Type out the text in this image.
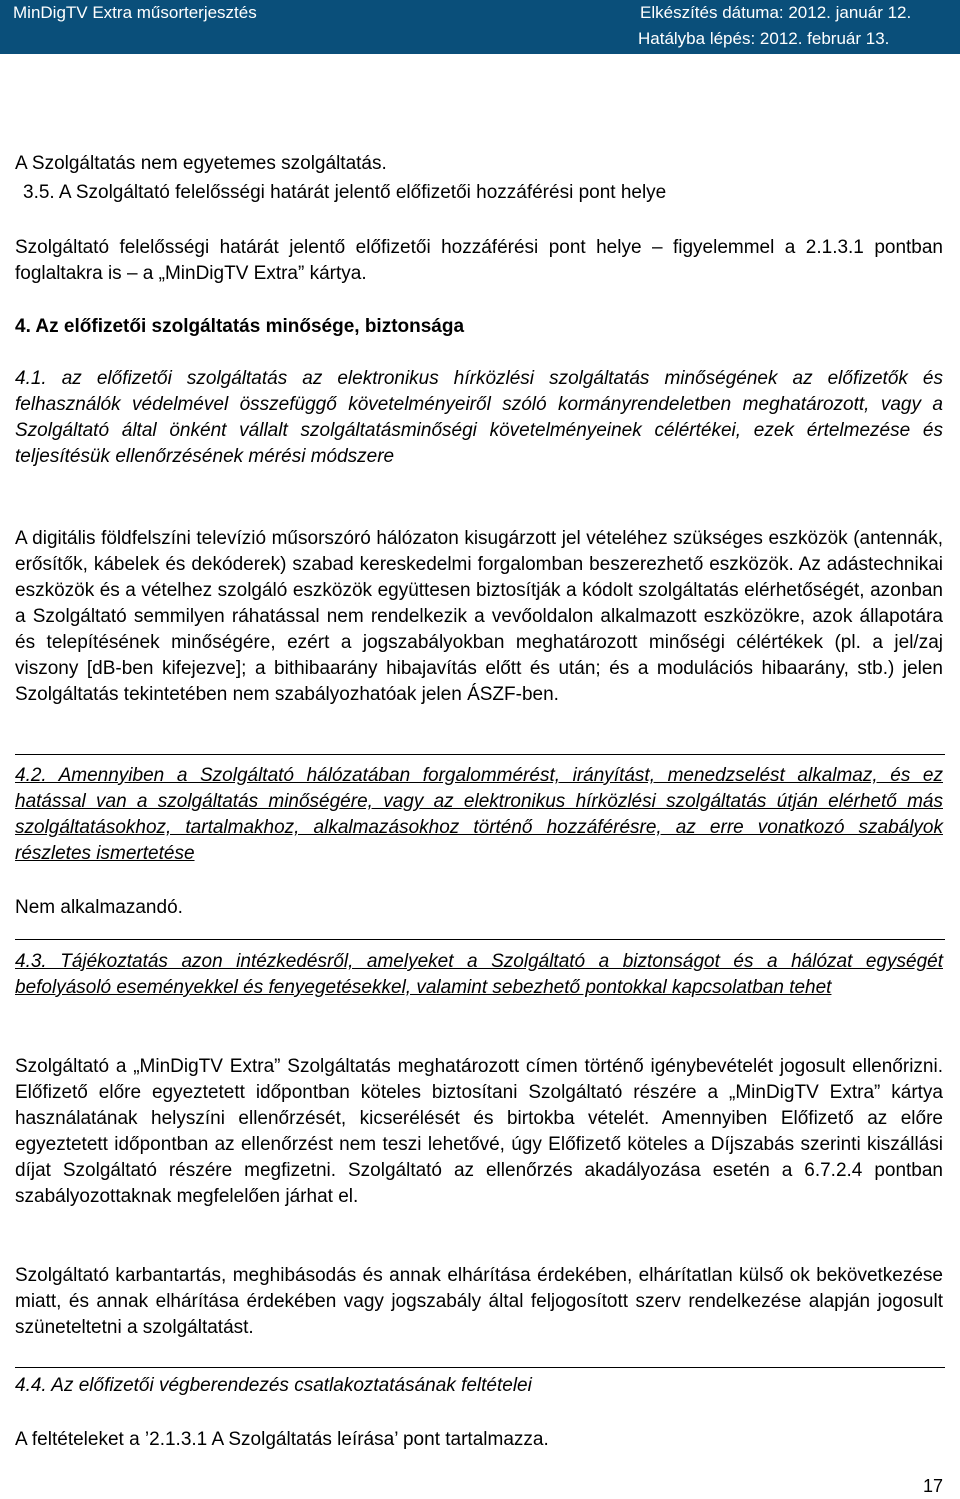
MinDigTV Extra műsorterjesztés	Elkészítés dátuma: 2012. január 12.
Hatályba lépés: 2012. február 13.

A Szolgáltatás nem egyetemes szolgáltatás.

3.5. A Szolgáltató felelősségi határát jelentő előfizetői hozzáférési pont helye

Szolgáltató felelősségi határát jelentő előfizetői hozzáférési pont helye – figyelemmel a 2.1.3.1 pontban foglaltakra is – a „MinDigTV Extra” kártya.

4. Az előfizetői szolgáltatás minősége, biztonsága

4.1. az előfizetői szolgáltatás az elektronikus hírközlési szolgáltatás minőségének az előfizetők és felhasználók védelmével összefüggő követelményeiről szóló kormányrendeletben meghatározott, vagy a Szolgáltató által önként vállalt szolgáltatásminőségi követelményeinek célértékei, ezek értelmezése és teljesítésük ellenőrzésének mérési módszere

A digitális földfelszíni televízió műsorszóró hálózaton kisugárzott jel vételéhez szükséges eszközök (antennák, erősítők, kábelek és dekóderek) szabad kereskedelmi forgalomban beszerezhető eszközök. Az adástechnikai eszközök és a vételhez szolgáló eszközök együttesen biztosítják a kódolt szolgáltatás elérhetőségét, azonban a Szolgáltató semmilyen ráhatással nem rendelkezik a vevőoldalon alkalmazott eszközökre, azok állapotára és telepítésének minőségére, ezért a jogszabályokban meghatározott minőségi célértékek (pl. a jel/zaj viszony [dB-ben kifejezve]; a bithibaarány hibajavítás előtt és után; és a modulációs hibaarány, stb.) jelen Szolgáltatás tekintetében nem szabályozhatóak jelen ÁSZF-ben.

4.2. Amennyiben a Szolgáltató hálózatában forgalommérést, irányítást, menedzselést alkalmaz, és ez hatással van a szolgáltatás minőségére, vagy az elektronikus hírközlési szolgáltatás útján elérhető más szolgáltatásokhoz, tartalmakhoz, alkalmazásokhoz történő hozzáférésre, az erre vonatkozó szabályok részletes ismertetése

Nem alkalmazandó.

4.3. Tájékoztatás azon intézkedésről, amelyeket a Szolgáltató a biztonságot és a hálózat egységét befolyásoló eseményekkel és fenyegetésekkel, valamint sebezhető pontokkal kapcsolatban tehet

Szolgáltató a „MinDigTV Extra” Szolgáltatás meghatározott címen történő igénybevételét jogosult ellenőrizni. Előfizető előre egyeztetett időpontban köteles biztosítani Szolgáltató részére a „MinDigTV Extra” kártya használatának helyszíni ellenőrzését, kicserélését és birtokba vételét. Amennyiben Előfizető az előre egyeztetett időpontban az ellenőrzést nem teszi lehetővé, úgy Előfizető köteles a Díjszabás szerinti kiszállási díjat Szolgáltató részére megfizetni. Szolgáltató az ellenőrzés akadályozása esetén a 6.7.2.4 pontban szabályozottaknak megfelelően járhat el.

Szolgáltató karbantartás, meghibásodás és annak elhárítása érdekében, elhárítatlan külső ok bekövetkezése miatt, és annak elhárítása érdekében vagy jogszabály által feljogosított szerv rendelkezése alapján jogosult szüneteltetni a szolgáltatást.

4.4. Az előfizetői végberendezés csatlakoztatásának feltételei

A feltételeket a ’2.1.3.1 A Szolgáltatás leírása’ pont tartalmazza.

17
